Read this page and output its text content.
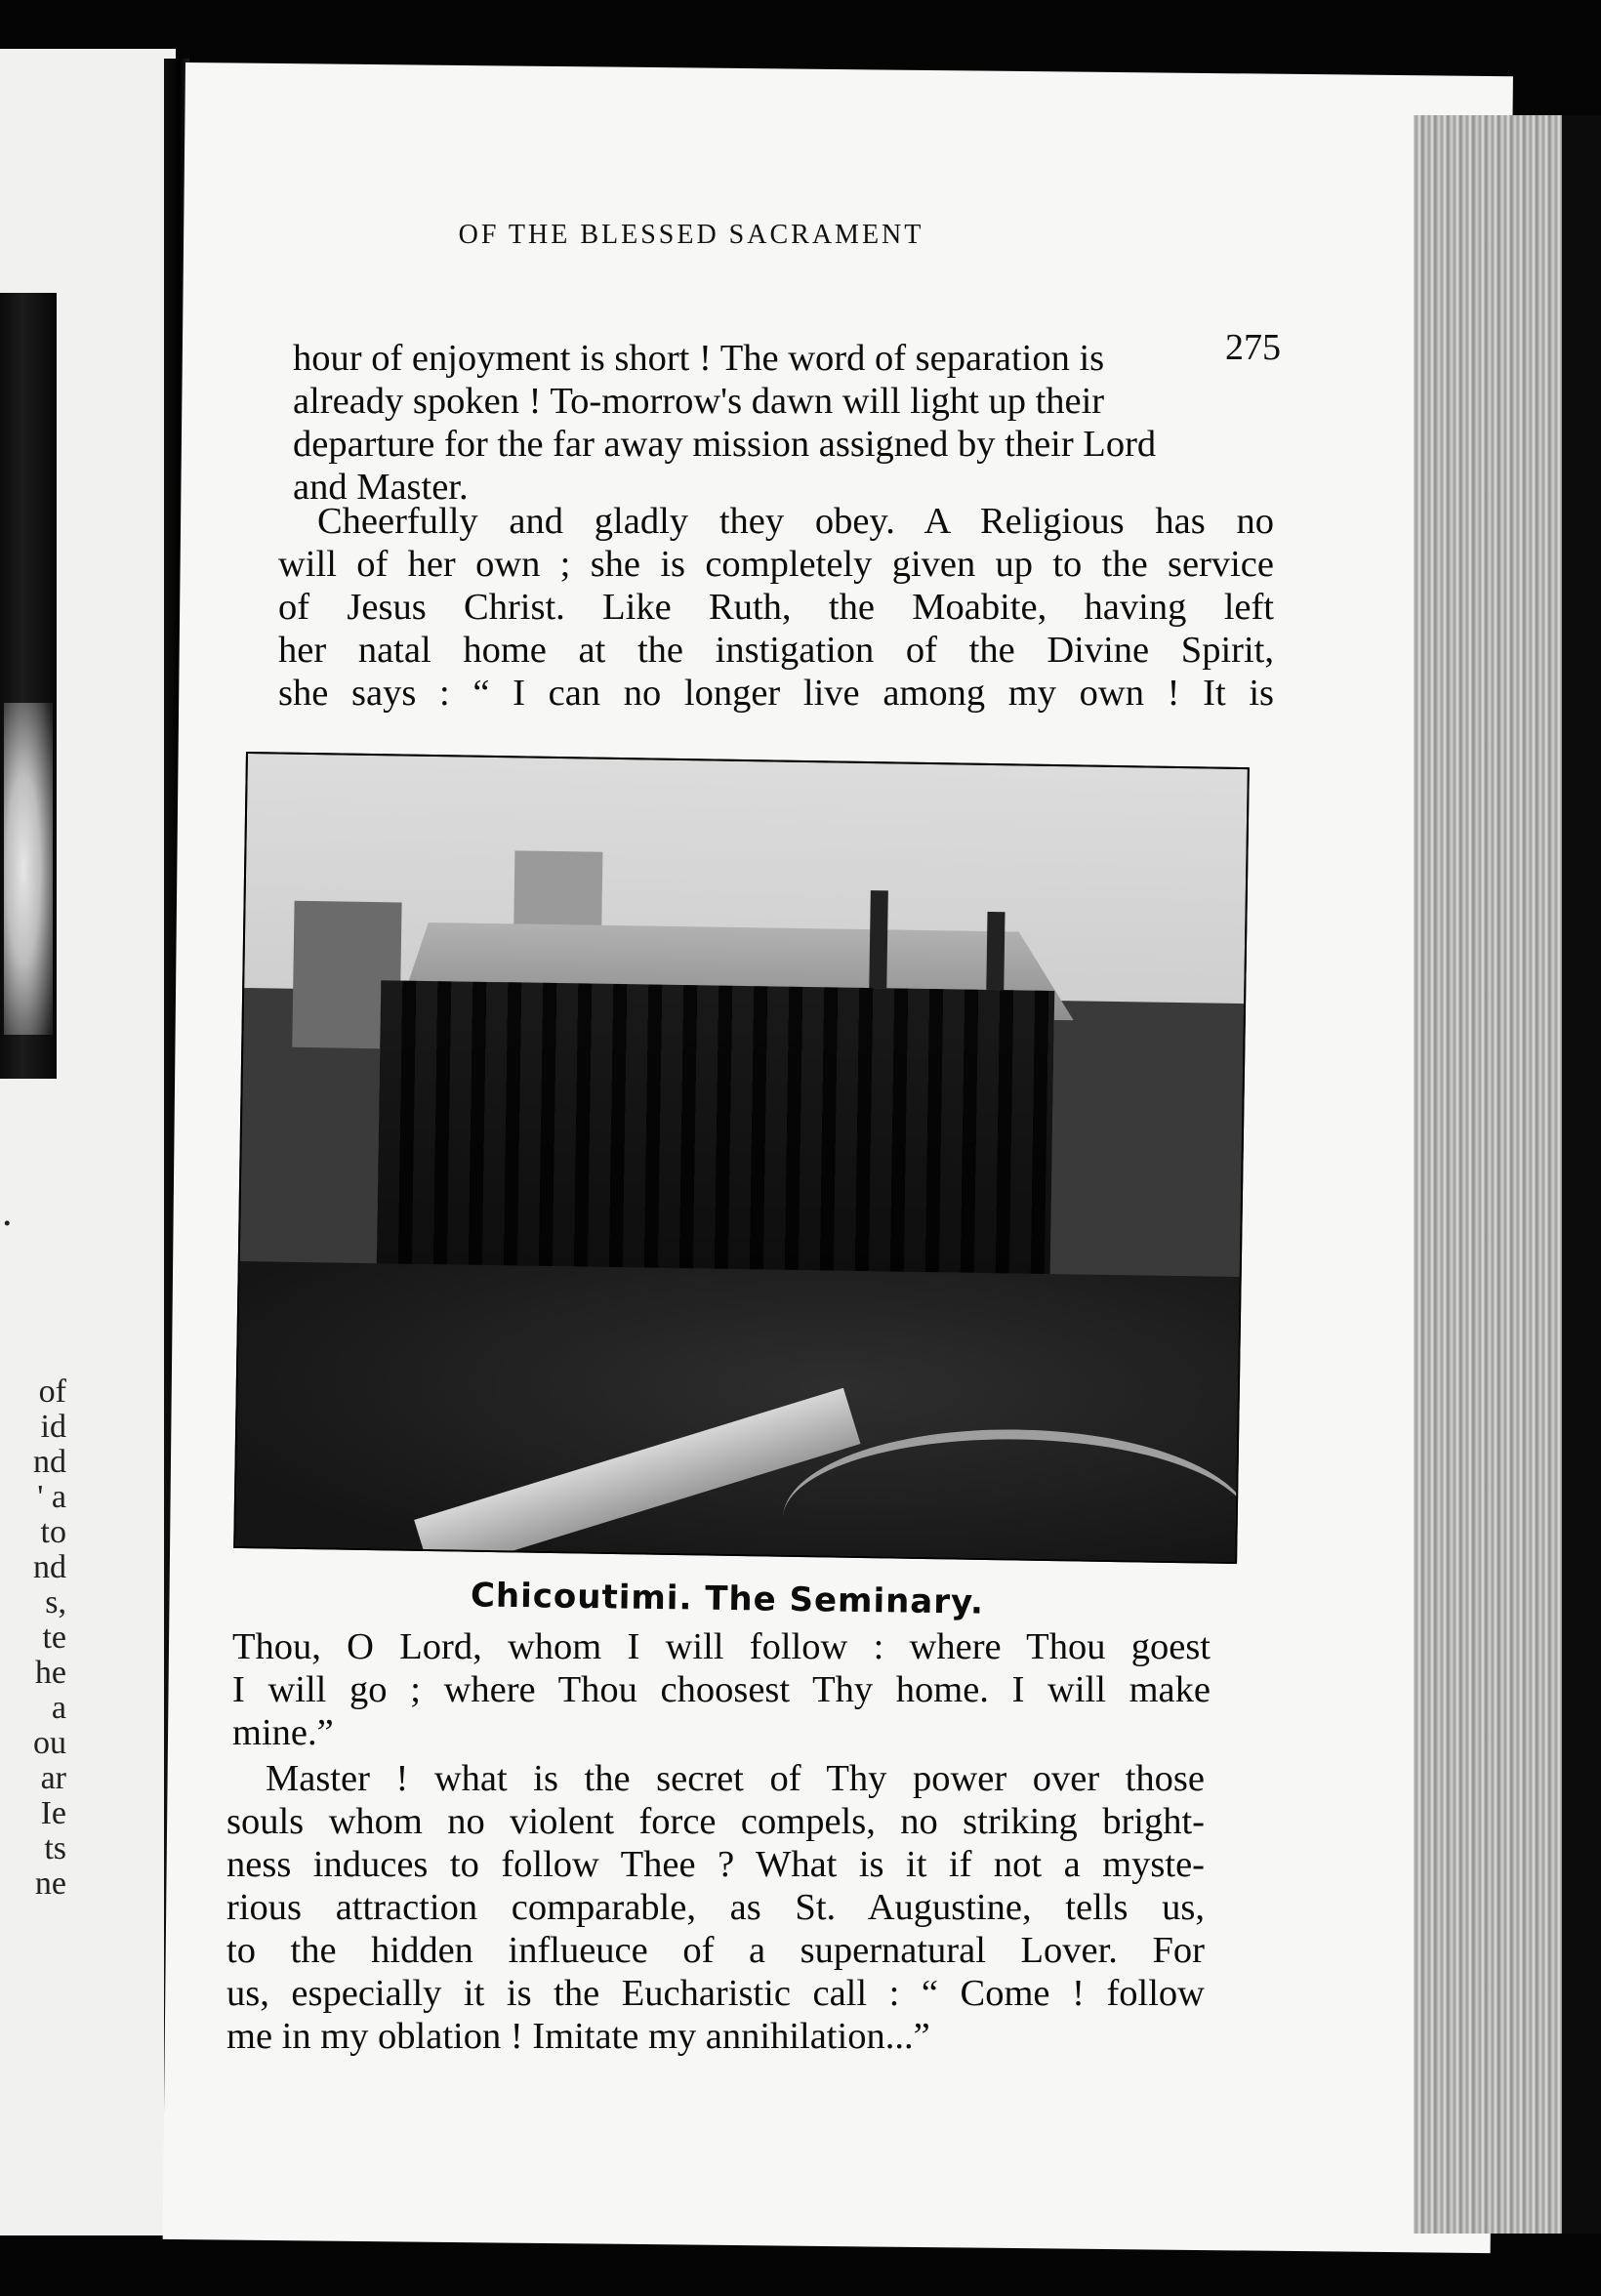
.
of
id
nd
' a
to
nd
s,
te
he
a
ou
ar
Ie
ts
ne
OF THE BLESSED SACRAMENT
275
hour of enjoyment is short ! The word of separation is
already spoken ! To-morrow's dawn will light up their
departure for the far away mission assigned by their Lord
and Master.
Cheerfully and gladly they obey. A Religious has no
will of her own ; she is completely given up to the service
of Jesus Christ. Like Ruth, the Moabite, having left
her natal home at the instigation of the Divine Spirit,
she says : “ I can no longer live among my own ! It is
Chicoutimi. The Seminary.
Thou, O Lord, whom I will follow : where Thou goest
I will go ; where Thou choosest Thy home. I will make
mine.”
Master ! what is the secret of Thy power over those
souls whom no violent force compels, no striking bright-
ness induces to follow Thee ? What is it if not a myste-
rious attraction comparable, as St. Augustine, tells us,
to the hidden influeuce of a supernatural Lover. For
us, especially it is the Eucharistic call : “ Come ! follow
me in my oblation ! Imitate my annihilation...”
